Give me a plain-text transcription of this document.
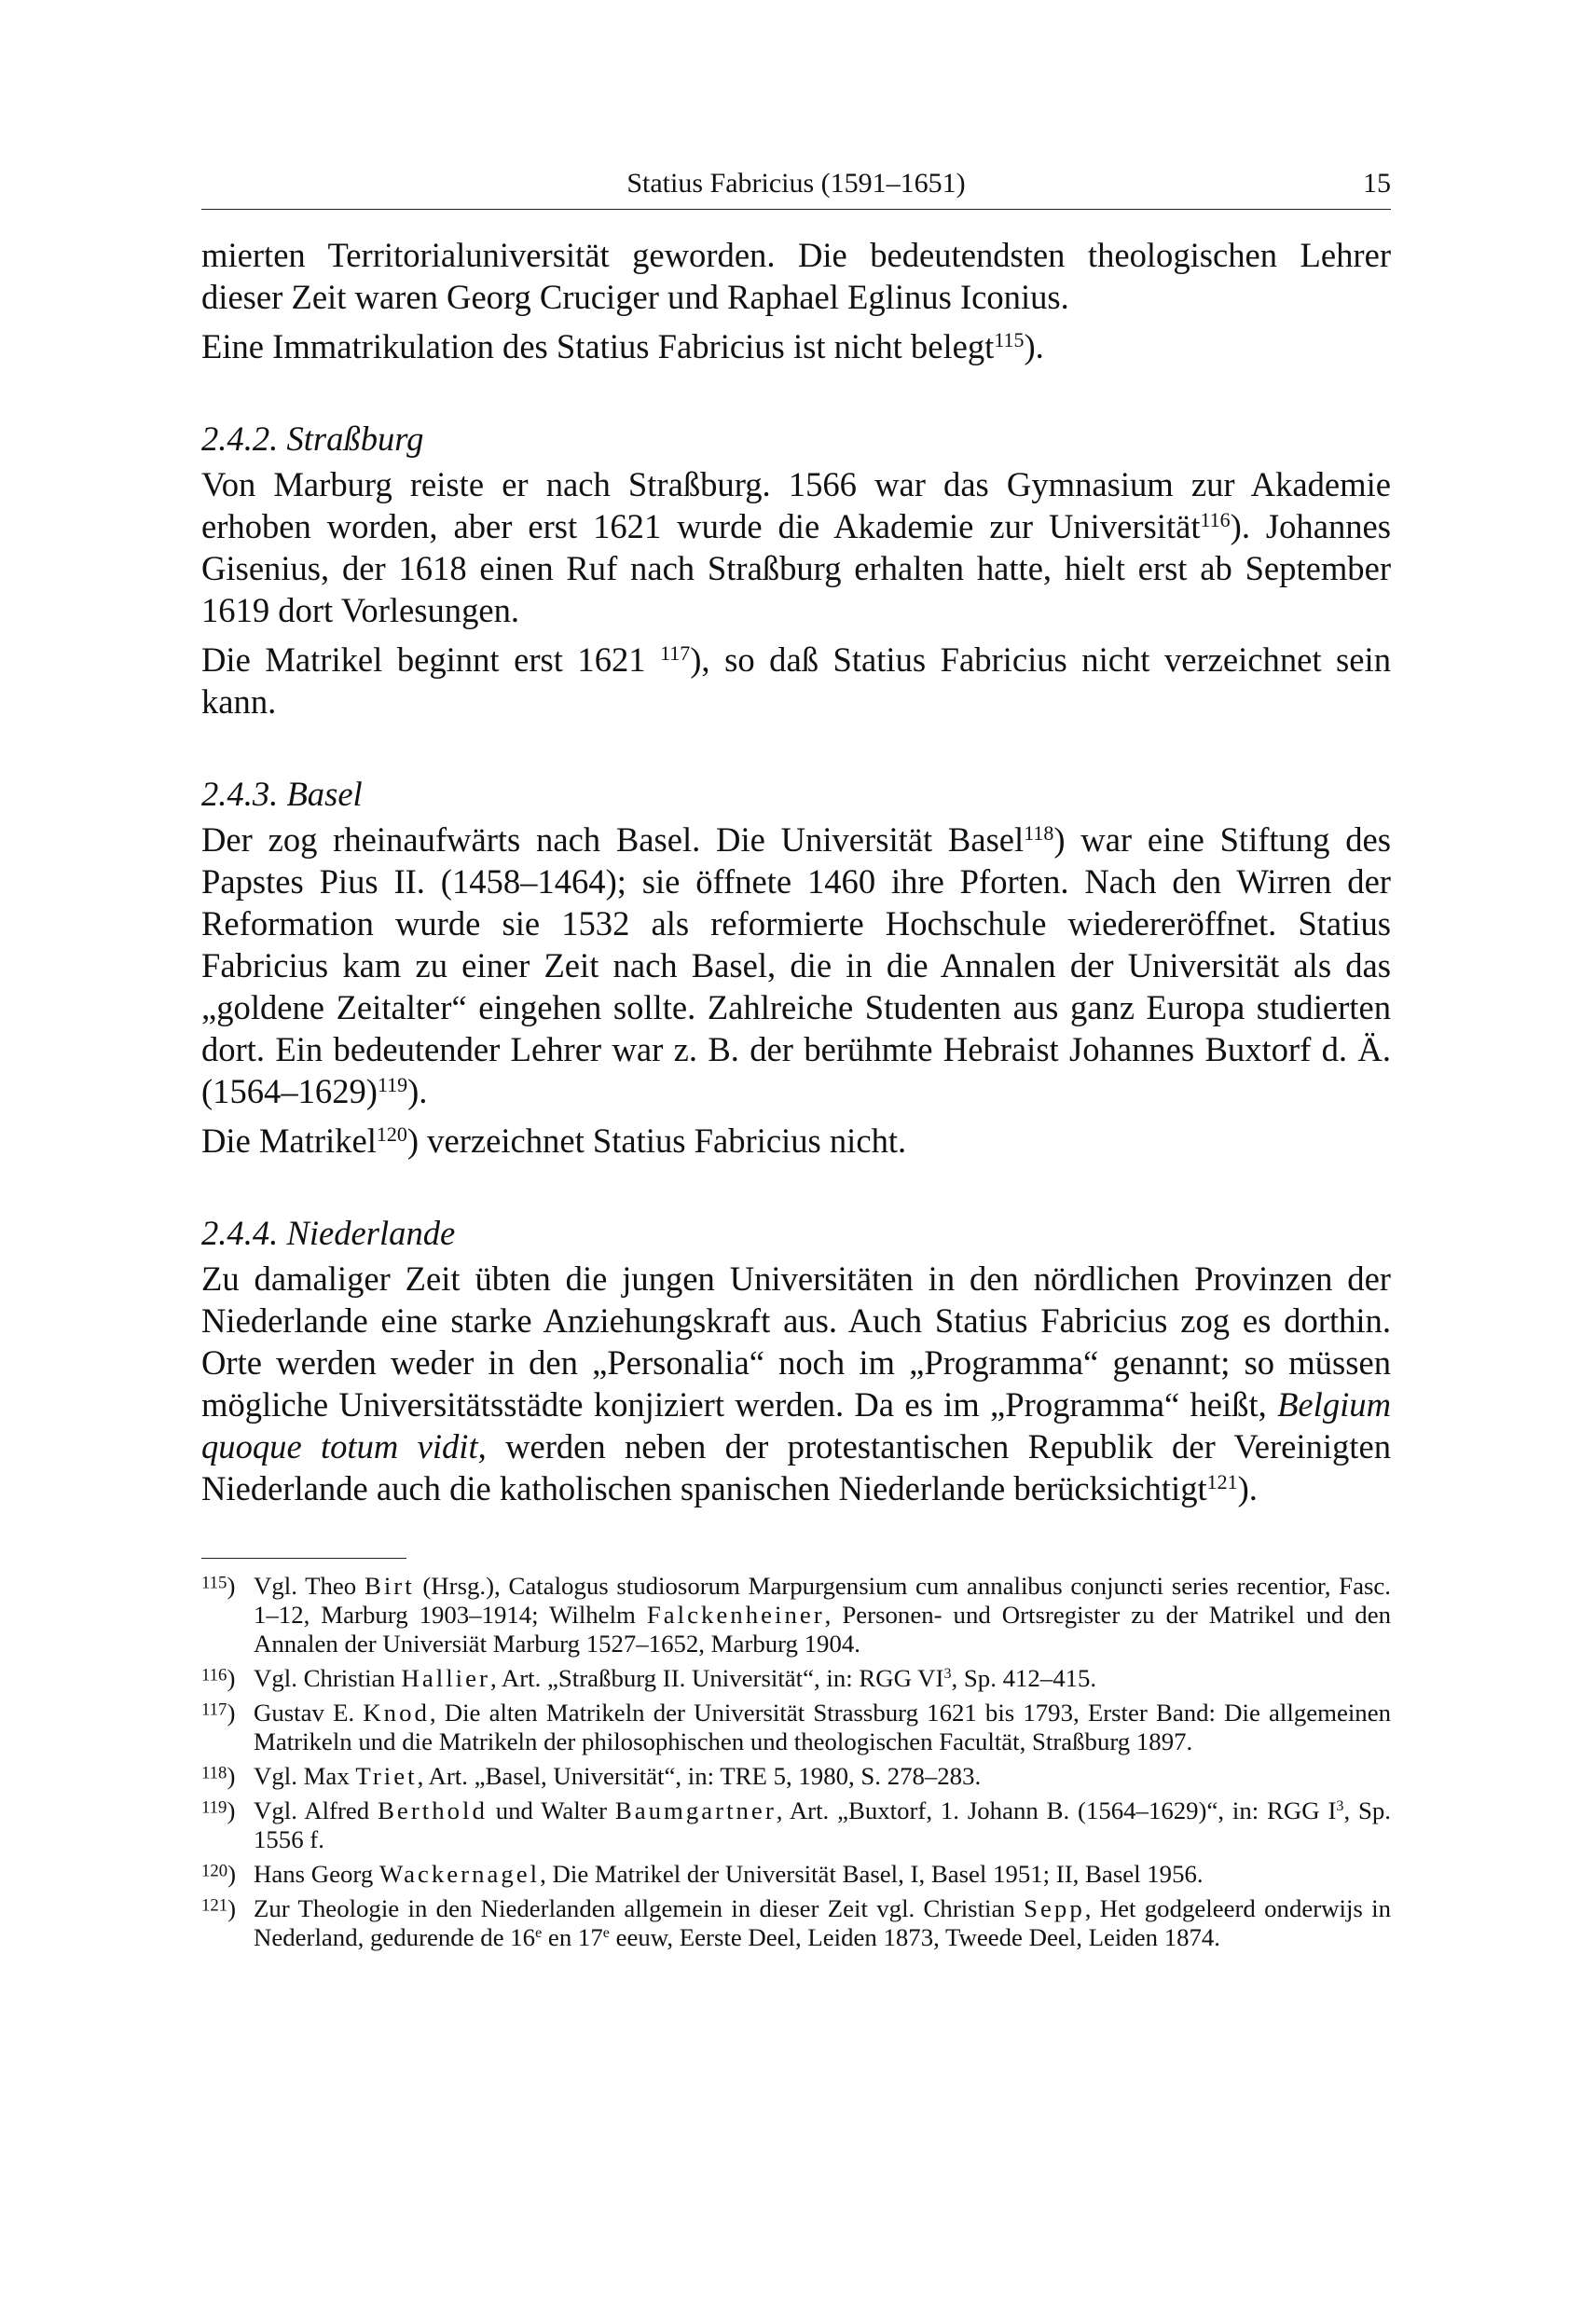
Statius Fabricius (1591–1651)	15

mierten Territorialuniversität geworden. Die bedeutendsten theologischen Lehrer dieser Zeit waren Georg Cruciger und Raphael Eglinus Iconius.

Eine Immatrikulation des Statius Fabricius ist nicht belegt$^{115}$).

2.4.2. Straßburg

Von Marburg reiste er nach Straßburg. 1566 war das Gymnasium zur Akademie erhoben worden, aber erst 1621 wurde die Akademie zur Universität$^{116}$). Johannes Gisenius, der 1618 einen Ruf nach Straßburg erhalten hatte, hielt erst ab September 1619 dort Vorlesungen.

Die Matrikel beginnt erst 1621 $^{117}$), so daß Statius Fabricius nicht verzeichnet sein kann.

2.4.3. Basel

Der zog rheinaufwärts nach Basel. Die Universität Basel$^{118}$) war eine Stiftung des Papstes Pius II. (1458–1464); sie öffnete 1460 ihre Pforten. Nach den Wirren der Reformation wurde sie 1532 als reformierte Hochschule wiedereröffnet. Statius Fabricius kam zu einer Zeit nach Basel, die in die Annalen der Universität als das „goldene Zeitalter“ eingehen sollte. Zahlreiche Studenten aus ganz Europa studierten dort. Ein bedeutender Lehrer war z. B. der berühmte Hebraist Johannes Buxtorf d. Ä. (1564–1629)$^{119}$).

Die Matrikel$^{120}$) verzeichnet Statius Fabricius nicht.

2.4.4. Niederlande

Zu damaliger Zeit übten die jungen Universitäten in den nördlichen Provinzen der Niederlande eine starke Anziehungskraft aus. Auch Statius Fabricius zog es dorthin. Orte werden weder in den „Personalia“ noch im „Programma“ genannt; so müssen mögliche Universitätsstädte konjiziert werden. Da es im „Programma“ heißt, Belgium quoque totum vidit, werden neben der protestantischen Republik der Vereinigten Niederlande auch die katholischen spanischen Niederlande berücksichtigt$^{121}$).

$^{115}$) Vgl. Theo Birt (Hrsg.), Catalogus studiosorum Marpurgensium cum annalibus conjuncti series recentior, Fasc. 1–12, Marburg 1903–1914; Wilhelm Falckenheiner, Personen- und Ortsregister zu der Matrikel und den Annalen der Universiät Marburg 1527–1652, Marburg 1904.
$^{116}$) Vgl. Christian Hallier, Art. „Straßburg II. Universität“, in: RGG $VI^3$, Sp. 412–415.
$^{117}$) Gustav E. Knod, Die alten Matrikeln der Universität Strassburg 1621 bis 1793, Erster Band: Die allgemeinen Matrikeln und die Matrikeln der philosophischen und theologischen Facultät, Straßburg 1897.
$^{118}$) Vgl. Max Triet, Art. „Basel, Universität“, in: TRE 5, 1980, S. 278–283.
$^{119}$) Vgl. Alfred Berthold und Walter Baumgartner, Art. „Buxtorf, 1. Johann B. (1564–1629)“, in: RGG $I^3$, Sp. 1556 f.
$^{120}$) Hans Georg Wackernagel, Die Matrikel der Universität Basel, I, Basel 1951; II, Basel 1956.
$^{121}$) Zur Theologie in den Niederlanden allgemein in dieser Zeit vgl. Christian Sepp, Het godgeleerd onderwijs in Nederland, gedurende de 16e en 17e eeuw, Eerste Deel, Leiden 1873, Tweede Deel, Leiden 1874.
